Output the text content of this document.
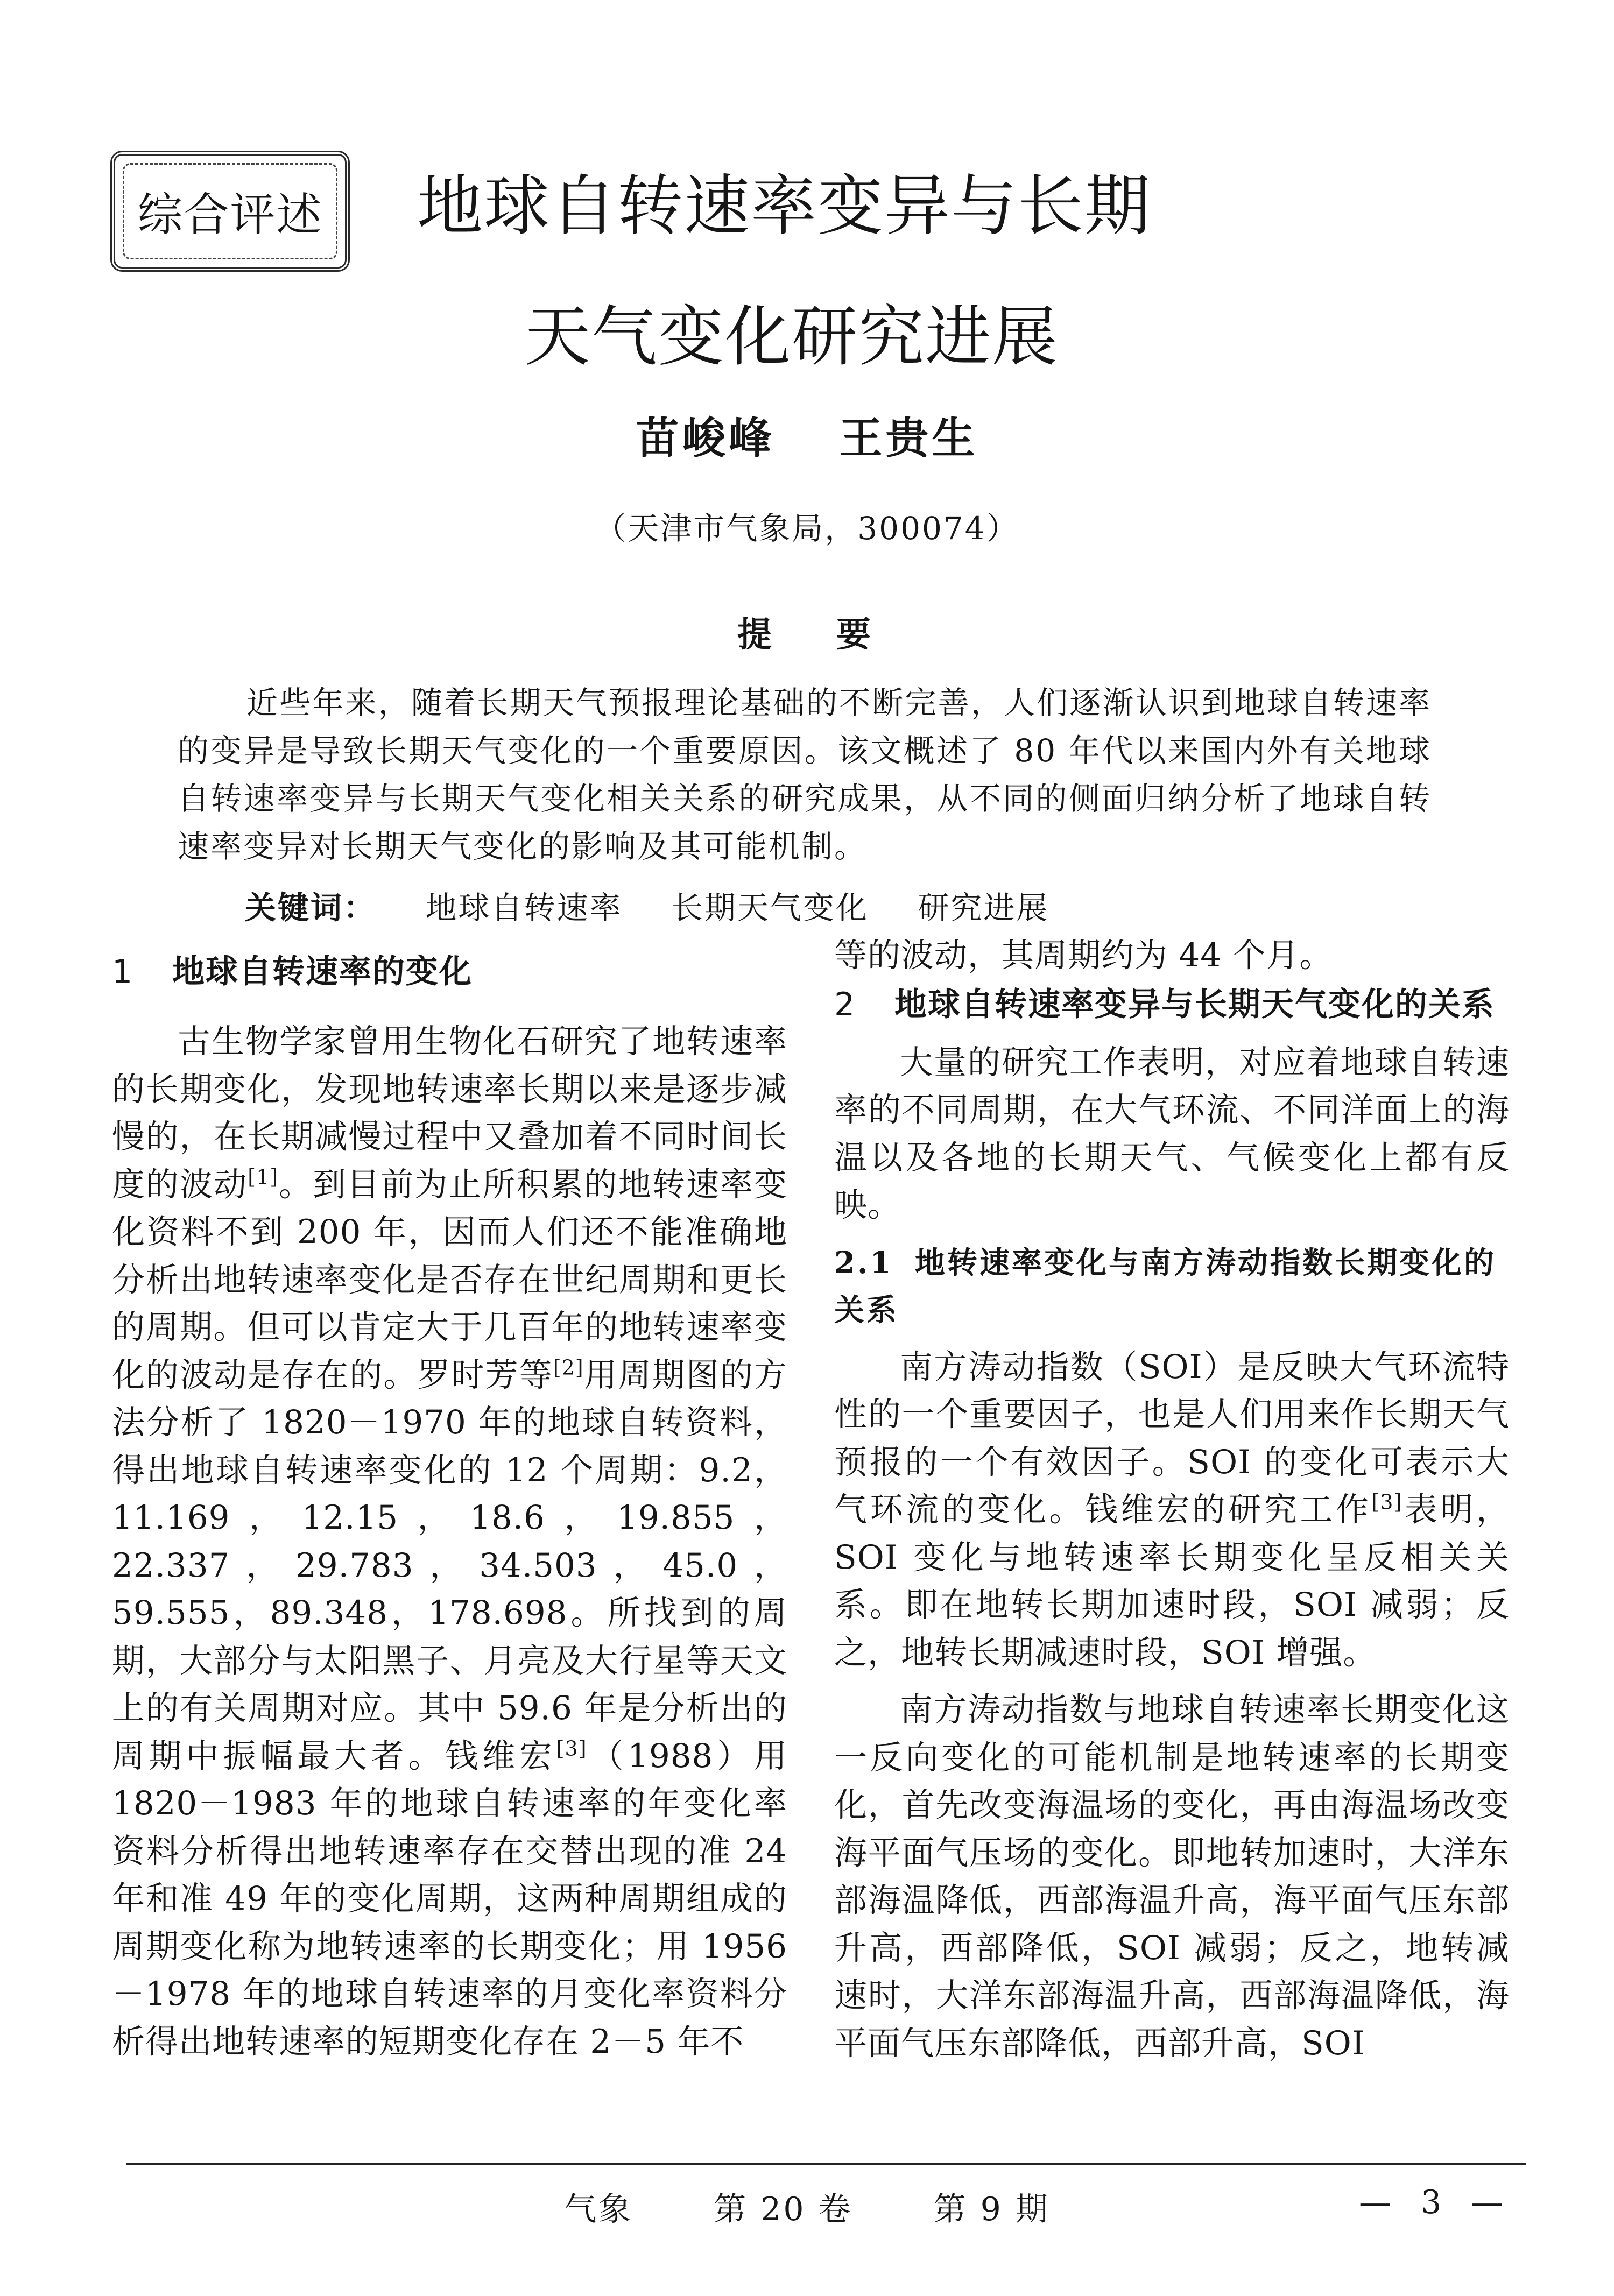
综合评述 地球自转速率变异与长期
天气变化研究进展
苗峻峰 王贵生
（天津市气象局，300074）
提要

近些年来，随着长期天气预报理论基础的不断完善，人们逐渐认识到地球自转速率的变异是导致长期天气变化的一个重要原因。该文概述了 80 年代以来国内外有关地球自转速率变异与长期天气变化相关关系的研究成果，从不同的侧面归纳分析了地球自转速率变异对长期天气变化的影响及其可能机制。

关键词： 地球自转速率 长期天气变化 研究进展
1 地球自转速率的变化

古生物学家曾用生物化石研究了地转速率的长期变化，发现地转速率长期以来是逐步减慢的，在长期减慢过程中又叠加着不同时间长度的波动[1]。到目前为止所积累的地转速率变化资料不到 200 年，因而人们还不能准确地分析出地转速率变化是否存在世纪周期和更长的周期。但可以肯定大于几百年的地转速率变化的波动是存在的。罗时芳等[2]用周期图的方法分析了 1820－1970 年的地球自转资料，得出地球自转速率变化的 12 个周期：9.2，11.169，12.15，18.6，19.855，22.337，29.783，34.503，45.0，59.555，89.348，178.698。所找到的周期，大部分与太阳黑子、月亮及大行星等天文上的有关周期对应。其中 59.6 年是分析出的周期中振幅最大者。钱维宏[3]（1988）用 1820－1983 年的地球自转速率的年变化率资料分析得出地转速率存在交替出现的准 24 年和准 49 年的变化周期，这两种周期组成的周期变化称为地转速率的长期变化；用 1956－1978 年的地球自转速率的月变化率资料分析得出地转速率的短期变化存在 2－5 年不

等的波动，其周期约为 44 个月。

2 地球自转速率变异与长期天气变化的关系

大量的研究工作表明，对应着地球自转速率的不同周期，在大气环流、不同洋面上的海温以及各地的长期天气、气候变化上都有反映。

2.1 地转速率变化与南方涛动指数长期变化的关系

南方涛动指数（SOI）是反映大气环流特性的一个重要因子，也是人们用来作长期天气预报的一个有效因子。SOI 的变化可表示大气环流的变化。钱维宏的研究工作[3]表明，SOI 变化与地转速率长期变化呈反相关关系。即在地转长期加速时段，SOI 减弱；反之，地转长期减速时段，SOI 增强。

南方涛动指数与地球自转速率长期变化这一反向变化的可能机制是地转速率的长期变化，首先改变海温场的变化，再由海温场改变海平面气压场的变化。即地转加速时，大洋东部海温降低，西部海温升高，海平面气压东部升高，西部降低，SOI 减弱；反之，地转减速时，大洋东部海温升高，西部海温降低，海平面气压东部降低，西部升高，SOI

气象	第 20 卷	第 9 期	— 3 —
